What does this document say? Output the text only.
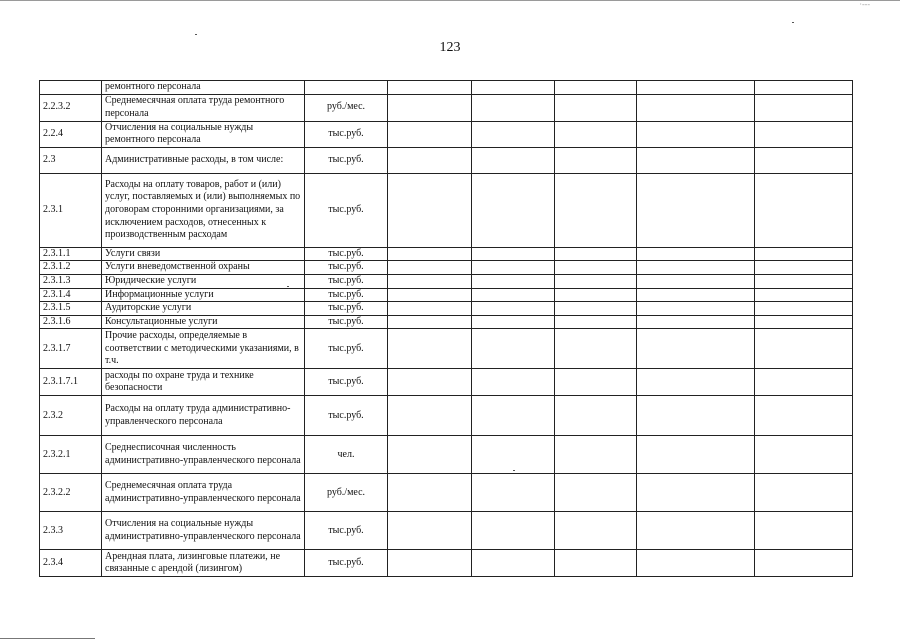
·‐‐‐
123
	ремонтного персонала						
2.2.3.2	Среднемесячная оплата труда ремонтного персонала	руб./мес.					
2.2.4	Отчисления на социальные нужды ремонтного персонала	тыс.руб.					
2.3	Административные расходы, в том числе:	тыс.руб.					
2.3.1	Расходы на оплату товаров, работ и (или) услуг, поставляемых и (или) выполняемых по договорам сторонними организациями, за исключением расходов, отнесенных к производственным расходам	тыс.руб.					
2.3.1.1	Услуги связи	тыс.руб.					
2.3.1.2	Услуги вневедомственной охраны	тыс.руб.					
2.3.1.3	Юридические услуги	тыс.руб.					
2.3.1.4	Информационные услуги	тыс.руб.					
2.3.1.5	Аудиторские услуги	тыс.руб.					
2.3.1.6	Консультационные услуги	тыс.руб.					
2.3.1.7	Прочие расходы, определяемые в соответствии с методическими указаниями, в т.ч.	тыс.руб.					
2.3.1.7.1	расходы по охране труда и технике безопасности	тыс.руб.					
2.3.2	Расходы на оплату труда административно-управленческого персонала	тыс.руб.					
2.3.2.1	Среднесписочная численность административно-управленческого персонала	чел.					
2.3.2.2	Среднемесячная оплата труда административно-управленческого персонала	руб./мес.					
2.3.3	Отчисления на социальные нужды административно-управленческого персонала	тыс.руб.					
2.3.4	Арендная плата, лизинговые платежи, не связанные с арендой (лизингом)	тыс.руб.					
